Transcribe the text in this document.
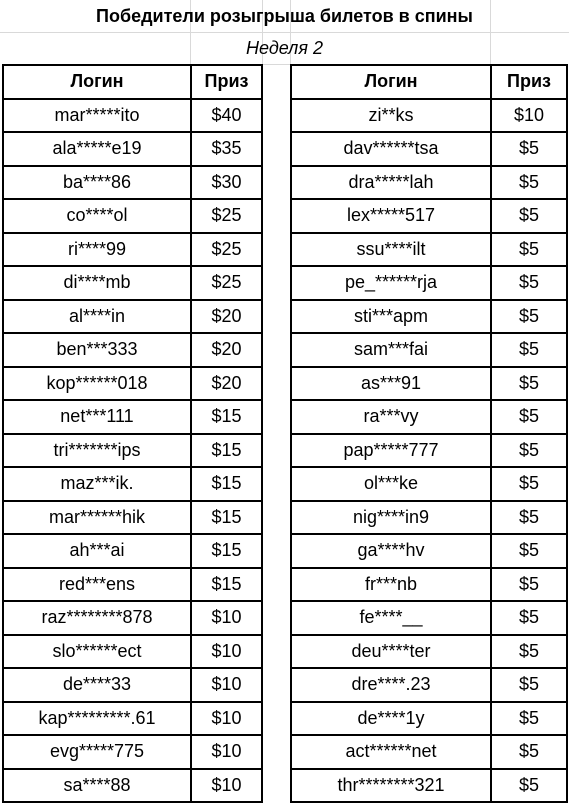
Победители розыгрыша билетов в спины
Неделя 2
Логин	Приз
mar*****ito	$40
ala*****e19	$35
ba****86	$30
co****ol	$25
ri****99	$25
di****mb	$25
al****in	$20
ben***333	$20
kop******018	$20
net***111	$15
tri*******ips	$15
maz***ik.	$15
mar******hik	$15
ah***ai	$15
red***ens	$15
raz********878	$10
slo******ect	$10
de****33	$10
kap*********.61	$10
evg*****775	$10
sa****88	$10
Логин	Приз
zi**ks	$10
dav******tsa	$5
dra*****lah	$5
lex*****517	$5
ssu****ilt	$5
pe_******rja	$5
sti***apm	$5
sam***fai	$5
as***91	$5
ra***vy	$5
pap*****777	$5
ol***ke	$5
nig****in9	$5
ga****hv	$5
fr***nb	$5
fe****__	$5
deu****ter	$5
dre****.23	$5
de****1y	$5
act******net	$5
thr********321	$5
